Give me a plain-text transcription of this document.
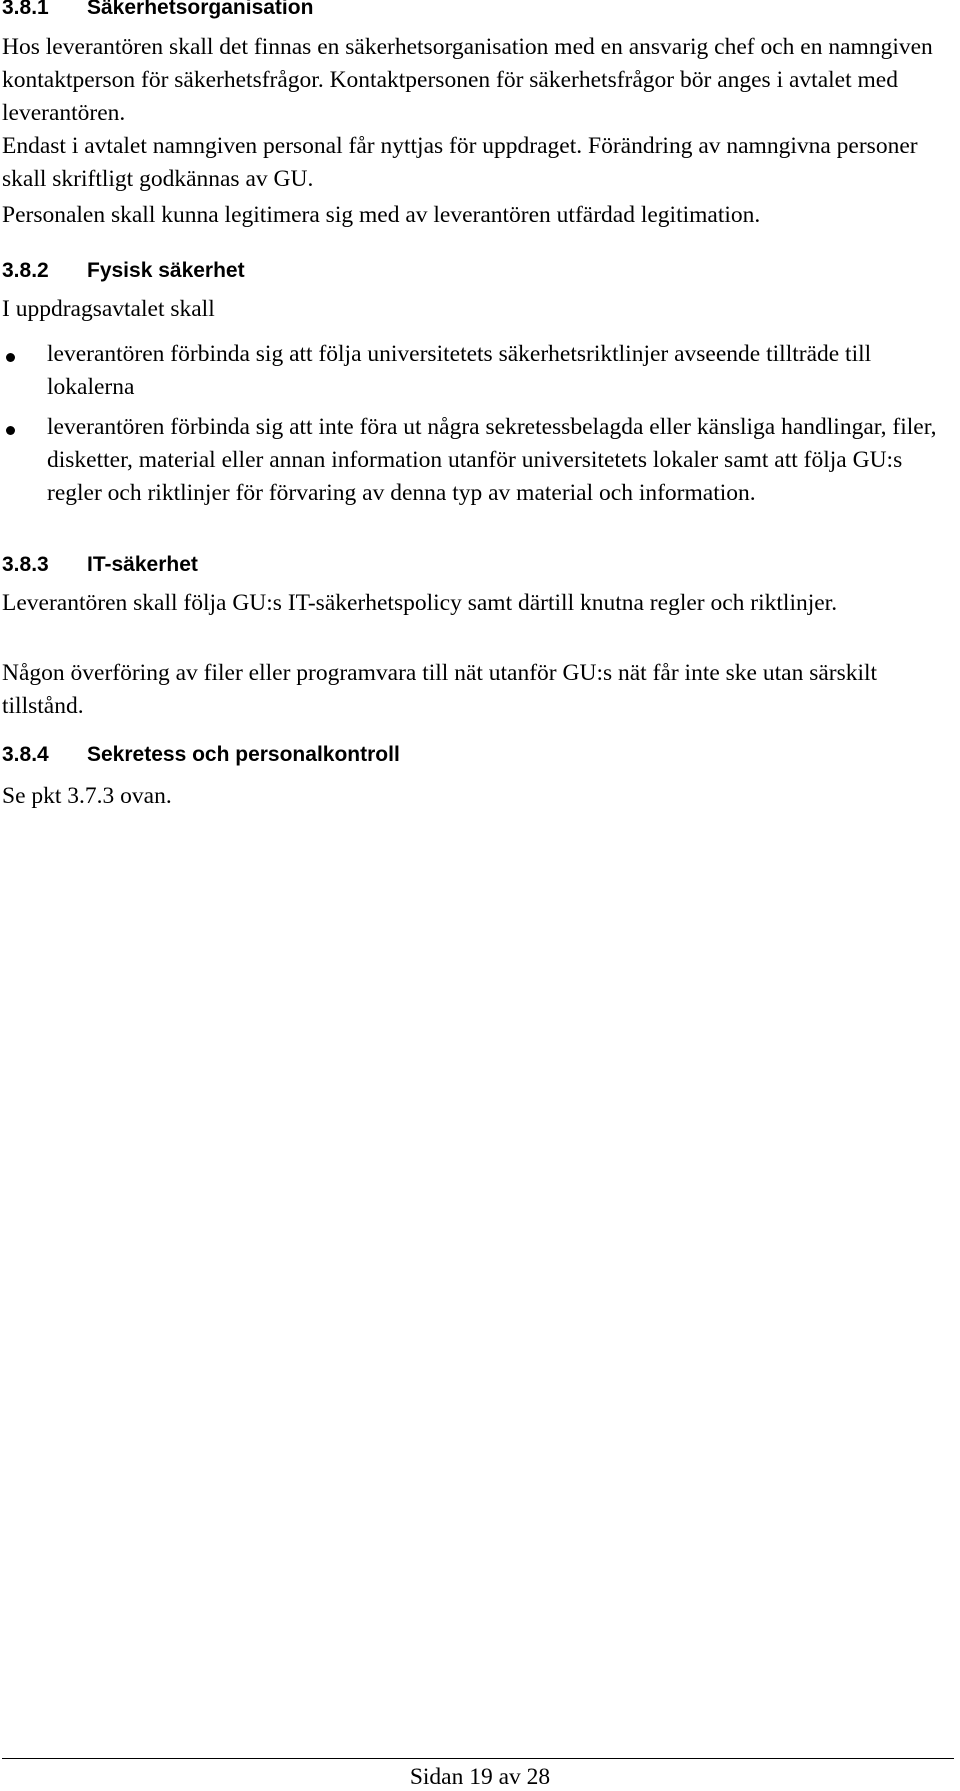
3.8.1 Säkerhetsorganisation
Hos leverantören skall det finnas en säkerhetsorganisation med en ansvarig chef och en namngiven kontaktperson för säkerhetsfrågor. Kontaktpersonen för säkerhetsfrågor bör anges i avtalet med leverantören.
Endast i avtalet namngiven personal får nyttjas för uppdraget. Förändring av namngivna personer skall skriftligt godkännas av GU.
Personalen skall kunna legitimera sig med av leverantören utfärdad legitimation.
3.8.2 Fysisk säkerhet
I uppdragsavtalet skall
leverantören förbinda sig att följa universitetets säkerhetsriktlinjer avseende tillträde till lokalerna
leverantören förbinda sig att inte föra ut några sekretessbelagda eller känsliga handlingar, filer, disketter, material eller annan information utanför universitetets lokaler samt att följa GU:s regler och riktlinjer för förvaring av denna typ av material och information.
3.8.3 IT-säkerhet
Leverantören skall följa GU:s IT-säkerhetspolicy samt därtill knutna regler och riktlinjer.
Någon överföring av filer eller programvara till nät utanför GU:s nät får inte ske utan särskilt tillstånd.
3.8.4 Sekretess och personalkontroll
Se pkt 3.7.3 ovan.
Sidan 19 av 28
